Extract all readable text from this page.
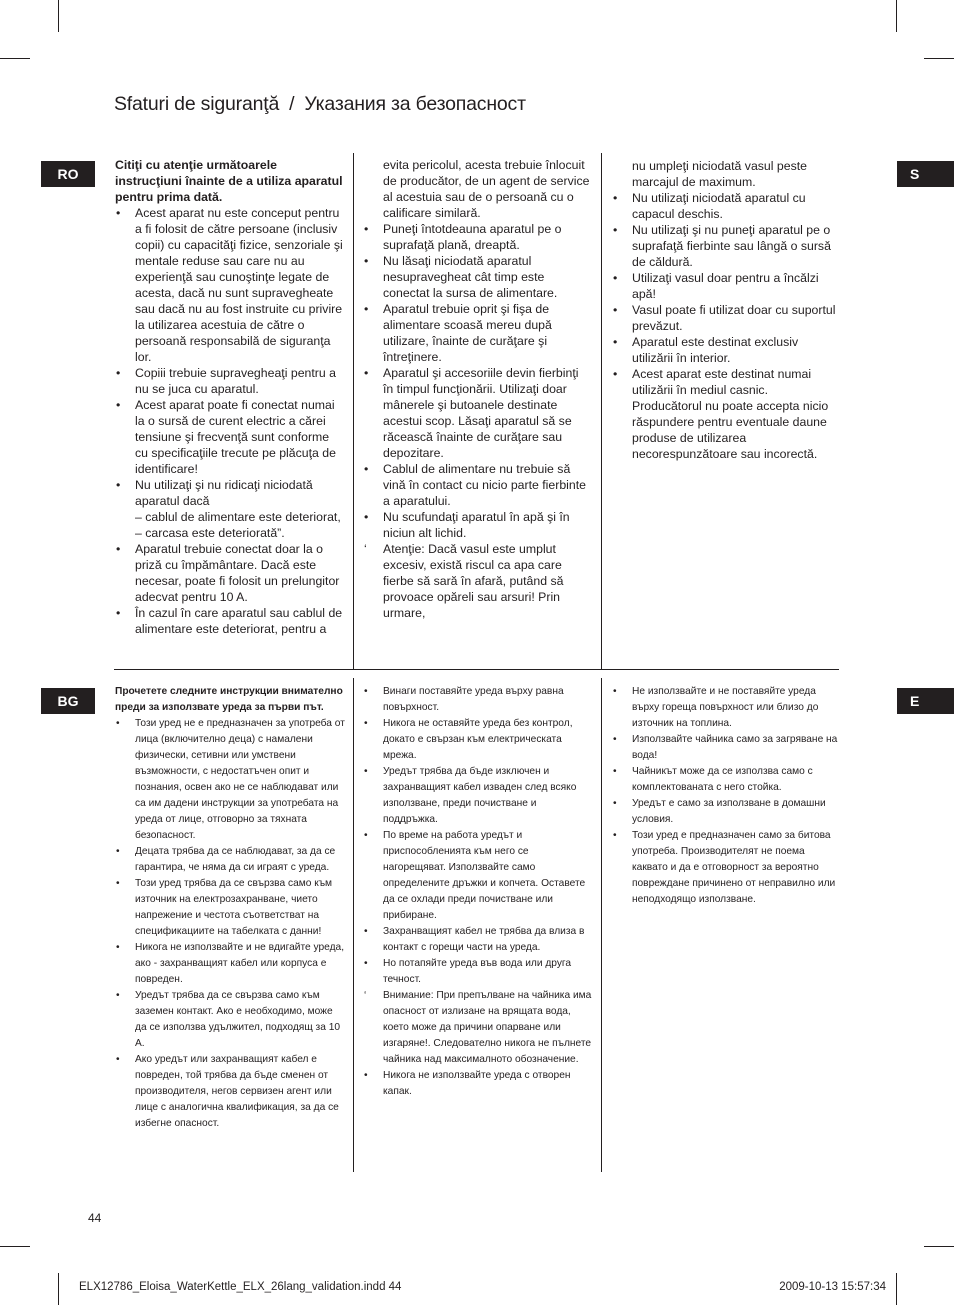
Sfaturi de siguranţă / Указания за безопасност
RO
BG
S
E

Citiţi cu atenţie următoarele instrucţiuni înainte de a utiliza aparatul pentru prima dată.

• Acest aparat nu este conceput pentru a fi folosit de către persoane (inclusiv copii) cu capacităţi fizice, senzoriale şi mentale reduse sau care nu au experienţă sau cunoştinţe legate de acesta, dacă nu sunt supravegheate sau dacă nu au fost instruite cu privire la utilizarea acestuia de către o persoană responsabilă de siguranţa lor.
• Copiii trebuie supravegheaţi pentru a nu se juca cu aparatul.
• Acest aparat poate fi conectat numai la o sursă de curent electric a cărei tensiune şi frecvenţă sunt conforme cu specificaţiile trecute pe plăcuţa de identificare!
• Nu utilizaţi şi nu ridicaţi niciodată aparatul dacă
– cablul de alimentare este deteriorat,
– carcasa este deteriorată”.
• Aparatul trebuie conectat doar la o priză cu împământare. Dacă este necesar, poate fi folosit un prelungitor adecvat pentru 10 A.
• În cazul în care aparatul sau cablul de alimentare este deteriorat, pentru a
evita pericolul, acesta trebuie înlocuit de producător, de un agent de service al acestuia sau de o persoană cu o calificare similară.
• Puneţi întotdeauna aparatul pe o suprafaţă plană, dreaptă.
• Nu lăsaţi niciodată aparatul nesupravegheat cât timp este conectat la sursa de alimentare.
• Aparatul trebuie oprit şi fişa de alimentare scoasă mereu după utilizare, înainte de curăţare şi întreţinere.
• Aparatul şi accesoriile devin fierbinţi în timpul funcţionării. Utilizaţi doar mânerele şi butoanele destinate acestui scop. Lăsaţi aparatul să se răcească înainte de curăţare sau depozitare.
• Cablul de alimentare nu trebuie să vină în contact cu nicio parte fierbinte a aparatului.
• Nu scufundaţi aparatul în apă şi în niciun alt lichid.
‘ Atenţie: Dacă vasul este umplut excesiv, există riscul ca apa care fierbe să sară în afară, putând să provoace opăreli sau arsuri! Prin urmare,
nu umpleţi niciodată vasul peste marcajul de maximum.
• Nu utilizaţi niciodată aparatul cu capacul deschis.
• Nu utilizaţi şi nu puneţi aparatul pe o suprafaţă fierbinte sau lângă o sursă de căldură.
• Utilizaţi vasul doar pentru a încălzi apă!
• Vasul poate fi utilizat doar cu suportul prevăzut.
• Aparatul este destinat exclusiv utilizării în interior.
• Acest aparat este destinat numai utilizării în mediul casnic. Producătorul nu poate accepta nicio răspundere pentru eventuale daune produse de utilizarea necorespunzătoare sau incorectă.

Прочетете следните инструкции внимателно преди за използвате уреда за първи път.

• Този уред не е предназначен за употреба от лица (включително деца) с намалени физически, сетивни или умствени възможности, с недостатъчен опит и познания, освен ако не се наблюдават или са им дадени инструкции за употребата на уреда от лице, отговорно за тяхната безопасност.
• Децата трябва да се наблюдават, за да се гарантира, че няма да си играят с уреда.
• Този уред трябва да се свързва само към източник на електрозахранване, чието напрежение и честота съответстват на спецификациите на табелката с данни!
• Никога не използвайте и не вдигайте уреда, ако - захранващият кабел или корпуса е повреден.
• Уредът трябва да се свързва само към заземен контакт. Ако е необходимо, може да се използва удължител, подходящ за 10 A.
• Ако уредът или захранващият кабел е повреден, той трябва да бъде сменен от производителя, негов сервизен агент или лице с аналогична квалификация, за да се избегне опасност.
• Винаги поставяйте уреда върху равна повърхност.
• Никога не оставяйте уреда без контрол, докато е свързан към електрическата мрежа.
• Уредът трябва да бъде изключен и захранващият кабел изваден след всяко използване, преди почистване и поддръжка.
• По време на работа уредът и приспособленията към него се нагорещяват. Използвайте само определените дръжки и копчета. Оставете да се охлади преди почистване или прибиране.
• Захранващият кабел не трябва да влиза в контакт с горещи части на уреда.
• Но потапяйте уреда във вода или друга течност.
‘ Внимание: При препълване на чайника има опасност от излизане на врящата вода, което може да причини опарване или изгаряне!. Следователно никога не пълнете чайника над максималното обозначение.
• Никога не използвайте уреда с отворен капак.
• Не използвайте и не поставяйте уреда върху гореща повърхност или близо до източник на топлина.
• Използвайте чайника само за загряване на вода!
• Чайникът може да се използва само с комплектованата с него стойка.
• Уредът е само за използване в домашни условия.
• Този уред е предназначен само за битова употреба. Производителят не поема каквато и да е отговорност за вероятно повреждане причинено от неправилно или неподходящо използване.
44
ELX12786_Eloisa_WaterKettle_ELX_26lang_validation.indd 44	2009-10-13 15:57:34
